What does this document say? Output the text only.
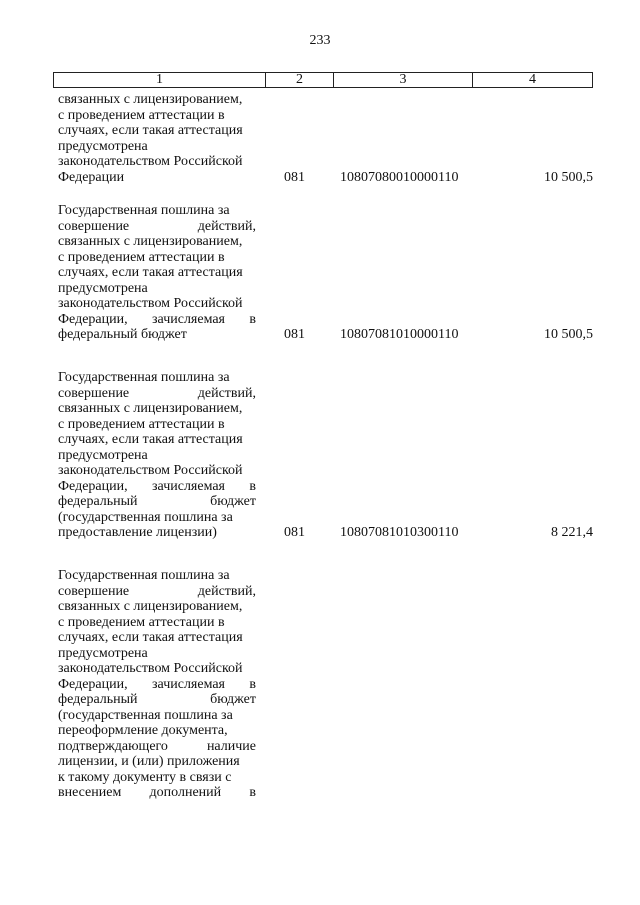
233
1	2	3	4
связанных с лицензированием,
с проведением аттестации в
случаях, если такая аттестация
предусмотрена
законодательством Российской
Федерации	081	10807080010000110	10 500,5
Государственная пошлина за
совершение действий,
связанных с лицензированием,
с проведением аттестации в
случаях, если такая аттестация
предусмотрена
законодательством Российской
Федерации, зачисляемая в
федеральный бюджет	081	10807081010000110	10 500,5
Государственная пошлина за
совершение действий,
связанных с лицензированием,
с проведением аттестации в
случаях, если такая аттестация
предусмотрена
законодательством Российской
Федерации, зачисляемая в
федеральный бюджет
(государственная пошлина за
предоставление лицензии)	081	10807081010300110	8 221,4
Государственная пошлина за
совершение действий,
связанных с лицензированием,
с проведением аттестации в
случаях, если такая аттестация
предусмотрена
законодательством Российской
Федерации, зачисляемая в
федеральный бюджет
(государственная пошлина за
переоформление документа,
подтверждающего наличие
лицензии, и (или) приложения
к такому документу в связи с
внесением дополнений в
